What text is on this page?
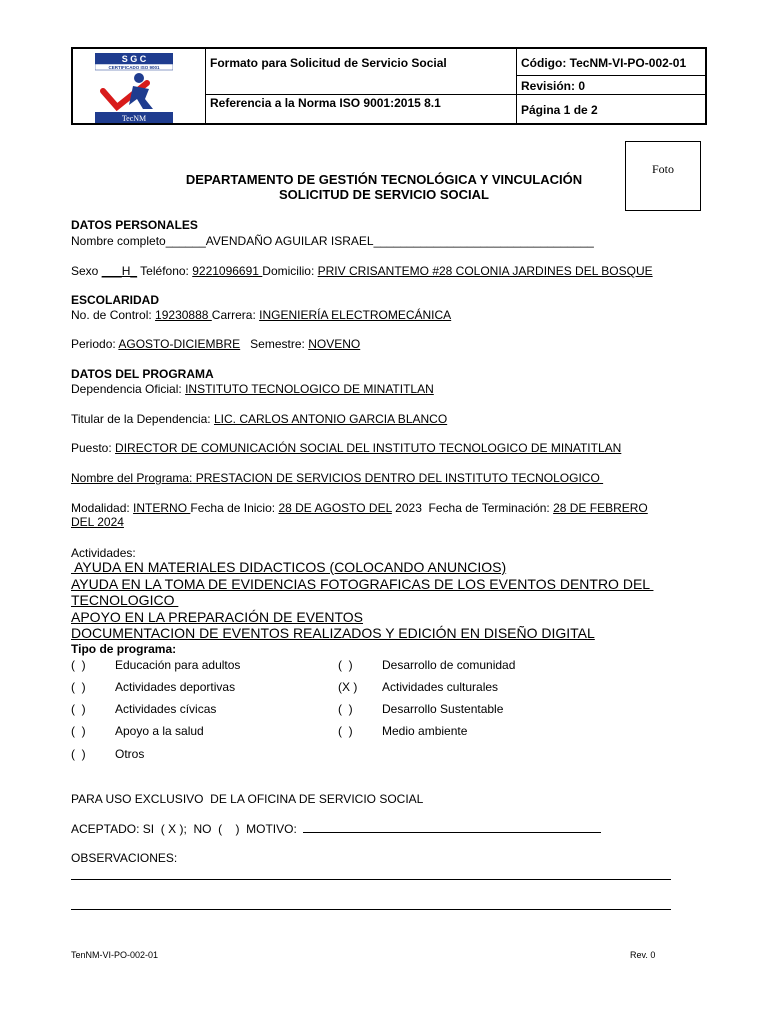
S G C
CERTIFICADO ISO 9001
TecNM
Formato para Solicitud de Servicio Social
Referencia a la Norma ISO 9001:2015 8.1
Código: TecNM-VI-PO-002-01
Revisión: 0
Página 1 de 2
Foto
DEPARTAMENTO DE GESTIÓN TECNOLÓGICA Y VINCULACIÓN
SOLICITUD DE SERVICIO SOCIAL
DATOS PERSONALES
Nombre completo______AVENDAÑO AGUILAR ISRAEL_________________________________
Sexo ___H_ Teléfono: 9221096691 Domicilio: PRIV CRISANTEMO #28 COLONIA JARDINES DEL BOSQUE
ESCOLARIDAD
No. de Control: 19230888 Carrera: INGENIERÍA ELECTROMECÁNICA
Periodo: AGOSTO-DICIEMBRE   Semestre: NOVENO
DATOS DEL PROGRAMA
Dependencia Oficial: INSTITUTO TECNOLOGICO DE MINATITLAN
Titular de la Dependencia: LIC. CARLOS ANTONIO GARCIA BLANCO
Puesto: DIRECTOR DE COMUNICACIÓN SOCIAL DEL INSTITUTO TECNOLOGICO DE MINATITLAN
Nombre del Programa: PRESTACION DE SERVICIOS DENTRO DEL INSTITUTO TECNOLOGICO
Modalidad: INTERNO Fecha de Inicio: 28 DE AGOSTO DEL 2023  Fecha de Terminación: 28 DE FEBRERO
DEL 2024
Actividades:
AYUDA EN MATERIALES DIDACTICOS (COLOCANDO ANUNCIOS)
AYUDA EN LA TOMA DE EVIDENCIAS FOTOGRAFICAS DE LOS EVENTOS DENTRO DEL
TECNOLOGICO
APOYO EN LA PREPARACIÓN DE EVENTOS
DOCUMENTACION DE EVENTOS REALIZADOS Y EDICIÓN EN DISEÑO DIGITAL
Tipo de programa:
(  ) Educación para adultos
(  ) Actividades deportivas
(  ) Actividades cívicas
(  ) Apoyo a la salud
(  ) Otros
(  ) Desarrollo de comunidad
(X ) Actividades culturales
(  ) Desarrollo Sustentable
(  ) Medio ambiente
PARA USO EXCLUSIVO  DE LA OFICINA DE SERVICIO SOCIAL
ACEPTADO: SI  ( X );  NO  (    )  MOTIVO:
OBSERVACIONES:
TenNM-VI-PO-002-01	Rev. 0
